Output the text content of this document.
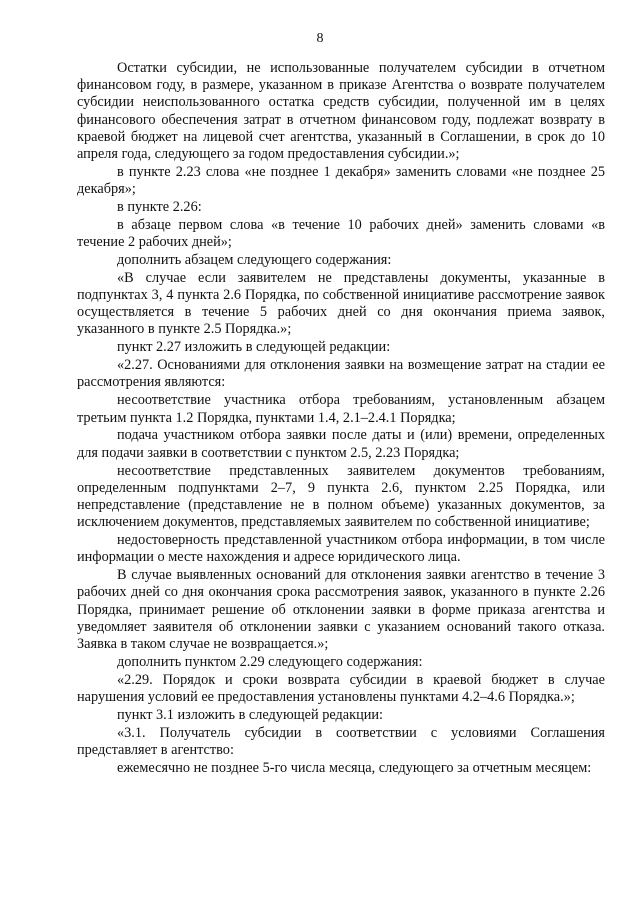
8

Остатки субсидии, не использованные получателем субсидии в отчетном финансовом году, в размере, указанном в приказе Агентства о возврате получателем субсидии неиспользованного остатка средств субсидии, полученной им в целях финансового обеспечения затрат в отчетном финансовом году, подлежат возврату в краевой бюджет на лицевой счет агентства, указанный в Соглашении, в срок до 10 апреля года, следующего за годом предоставления субсидии.»;

в пункте 2.23 слова «не позднее 1 декабря» заменить словами «не позднее 25 декабря»;

в пункте 2.26:

в абзаце первом слова «в течение 10 рабочих дней» заменить словами «в течение 2 рабочих дней»;

дополнить абзацем следующего содержания:

«В случае если заявителем не представлены документы, указанные в подпунктах 3, 4 пункта 2.6 Порядка, по собственной инициативе рассмотрение заявок осуществляется в течение 5 рабочих дней со дня окончания приема заявок, указанного в пункте 2.5 Порядка.»;

пункт 2.27 изложить в следующей редакции:

«2.27. Основаниями для отклонения заявки на возмещение затрат на стадии ее рассмотрения являются:

несоответствие участника отбора требованиям, установленным абзацем третьим пункта 1.2 Порядка, пунктами 1.4, 2.1–2.4.1 Порядка;

подача участником отбора заявки после даты и (или) времени, определенных для подачи заявки в соответствии с пунктом 2.5, 2.23 Порядка;

несоответствие представленных заявителем документов требованиям, определенным подпунктами 2–7, 9 пункта 2.6, пунктом 2.25 Порядка, или непредставление (представление не в полном объеме) указанных документов, за исключением документов, представляемых заявителем по собственной инициативе;

недостоверность представленной участником отбора информации, в том числе информации о месте нахождения и адресе юридического лица.

В случае выявленных оснований для отклонения заявки агентство в течение 3 рабочих дней со дня окончания срока рассмотрения заявок, указанного в пункте 2.26 Порядка, принимает решение об отклонении заявки в форме приказа агентства и уведомляет заявителя об отклонении заявки с указанием оснований такого отказа. Заявка в таком случае не возвращается.»;

дополнить пунктом 2.29 следующего содержания:

«2.29. Порядок и сроки возврата субсидии в краевой бюджет в случае нарушения условий ее предоставления установлены пунктами 4.2–4.6 Порядка.»;

пункт 3.1 изложить в следующей редакции:

«3.1. Получатель субсидии в соответствии с условиями Соглашения представляет в агентство:

ежемесячно не позднее 5-го числа месяца, следующего за отчетным месяцем:
